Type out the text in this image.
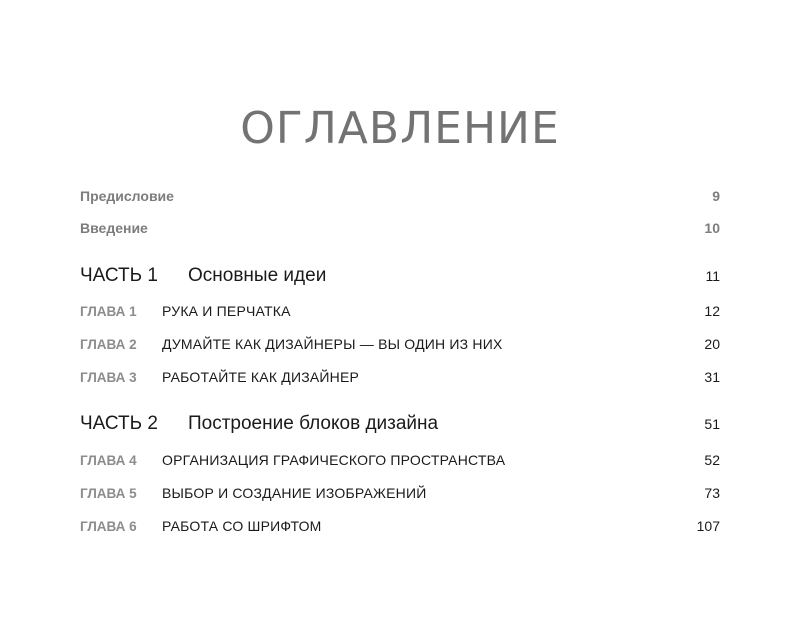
ОГЛАВЛЕНИЕ
Предисловие	9
Введение	10
ЧАСТЬ 1	Основные идеи	11
ГЛАВА 1	РУКА И ПЕРЧАТКА	12
ГЛАВА 2	ДУМАЙТЕ КАК ДИЗАЙНЕРЫ — ВЫ ОДИН ИЗ НИХ	20
ГЛАВА 3	РАБОТАЙТЕ КАК ДИЗАЙНЕР	31
ЧАСТЬ 2	Построение блоков дизайна	51
ГЛАВА 4	ОРГАНИЗАЦИЯ ГРАФИЧЕСКОГО ПРОСТРАНСТВА	52
ГЛАВА 5	ВЫБОР И СОЗДАНИЕ ИЗОБРАЖЕНИЙ	73
ГЛАВА 6	РАБОТА СО ШРИФТОМ	107
